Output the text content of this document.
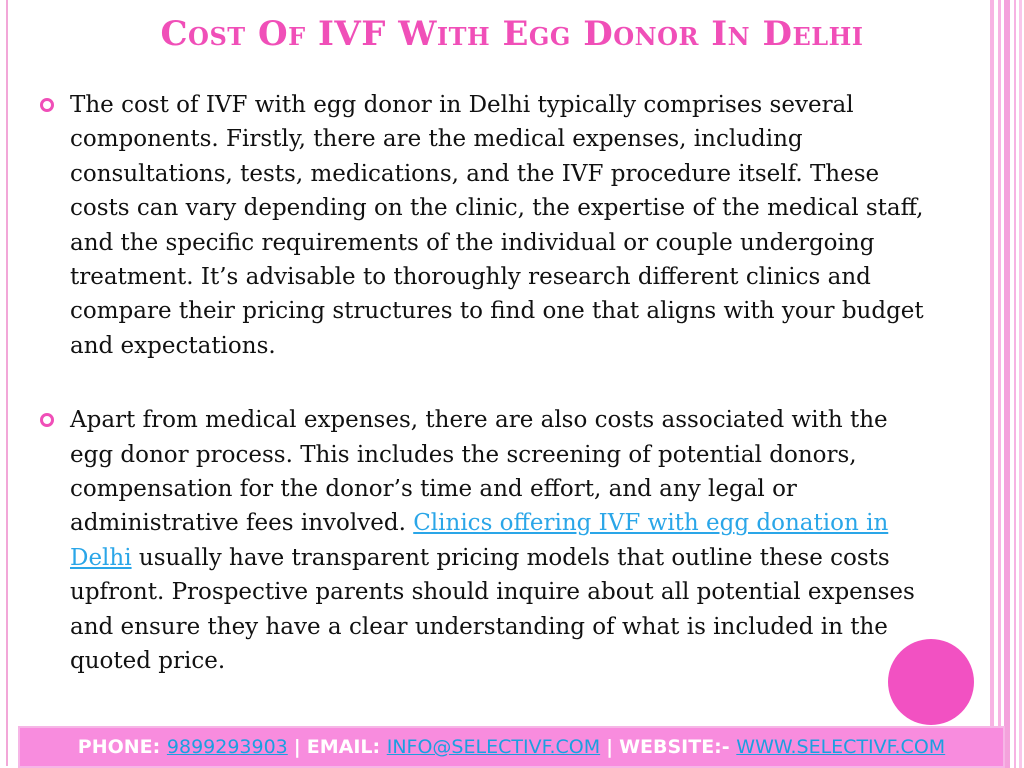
Cost Of IVF With Egg Donor In Delhi
The cost of IVF with egg donor in Delhi typically comprises several components. Firstly, there are the medical expenses, including consultations, tests, medications, and the IVF procedure itself. These costs can vary depending on the clinic, the expertise of the medical staff, and the specific requirements of the individual or couple undergoing treatment. It’s advisable to thoroughly research different clinics and compare their pricing structures to find one that aligns with your budget and expectations.
Apart from medical expenses, there are also costs associated with the egg donor process. This includes the screening of potential donors, compensation for the donor’s time and effort, and any legal or administrative fees involved. Clinics offering IVF with egg donation in Delhi usually have transparent pricing models that outline these costs upfront. Prospective parents should inquire about all potential expenses and ensure they have a clear understanding of what is included in the quoted price.
PHONE:
9899293903 | EMAIL:
INFO@SELECTIVF.COM | WEBSITE:-
WWW.SELECTIVF.COM
